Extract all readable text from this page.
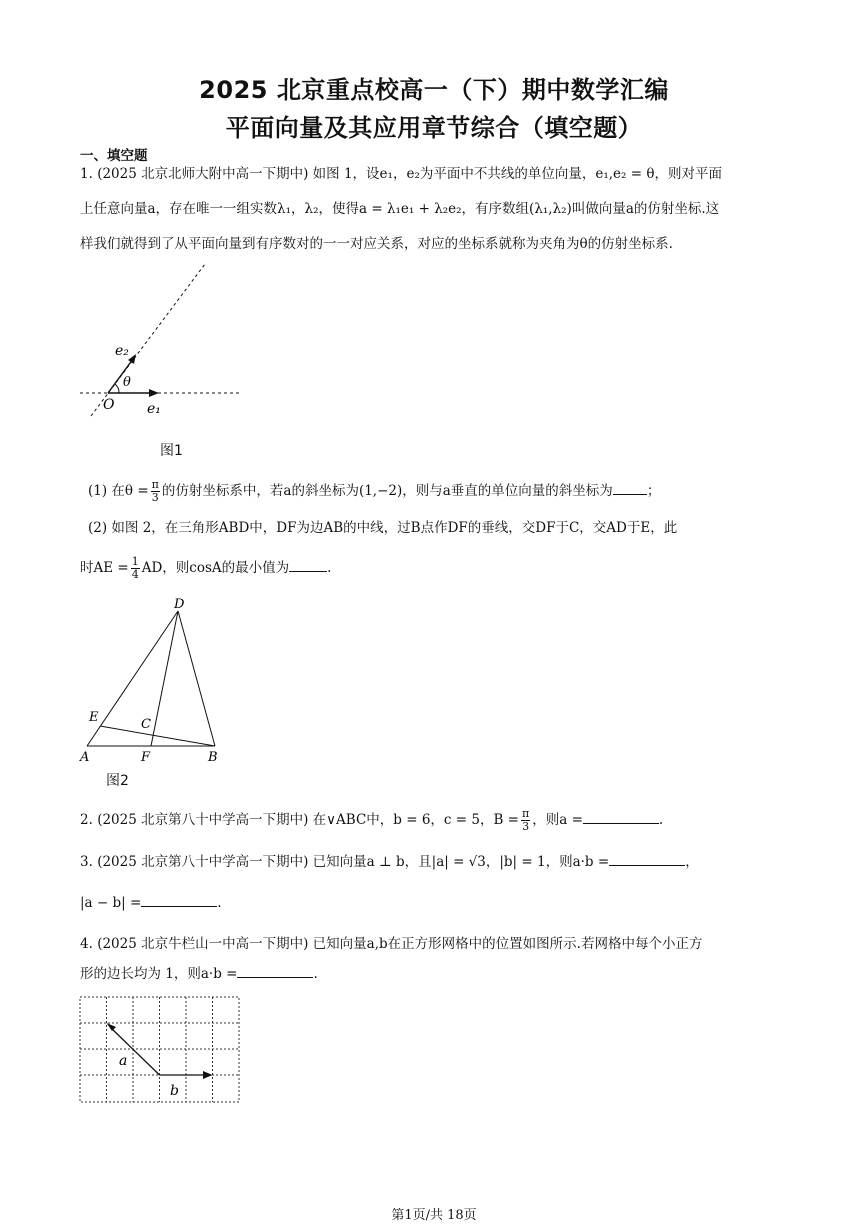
2025 北京重点校高一（下）期中数学汇编
平面向量及其应用章节综合（填空题）
一、填空题
1. (2025 北京北师大附中高一下期中) 如图 1，设e₁，e₂为平面中不共线的单位向量，e₁,e₂ = θ，则对平面
上任意向量a，存在唯一一组实数λ₁，λ₂，使得a = λ₁e₁ + λ₂e₂，有序数组(λ₁,λ₂)叫做向量a的仿射坐标.这
样我们就得到了从平面向量到有序数对的一一对应关系，对应的坐标系就称为夹角为θ的仿射坐标系.
e₂
θ
O e₁
图1
(1) 在$\theta = \frac{\pi}{3}$ 的仿射坐标系中，若a的斜坐标为(1,−2)，则与a垂直的单位向量的斜坐标为	；
(2) 如图 2，在三角形ABD中，DF为边AB的中线，过B点作DF的垂线，交DF于C，交AD于E，此
时AE = $\frac{1}{4}$ AD，则cosA的最小值为	.
D
E	C
A	F	B
图2
2. (2025 北京第八十中学高一下期中) 在∨ABC中，b = 6，c = 5，$B = \frac{\pi}{3}$ ，则a =	.
3. (2025 北京第八十中学高一下期中) 已知向量a ⊥ b，且|a| = √3，|b| = 1，则a·b =	，
|a − b| =	.
4. (2025 北京牛栏山一中高一下期中) 已知向量a,b在正方形网格中的位置如图所示.若网格中每个小正方
形的边长均为 1，则a·b =	.
a
b
第1页/共 18页
